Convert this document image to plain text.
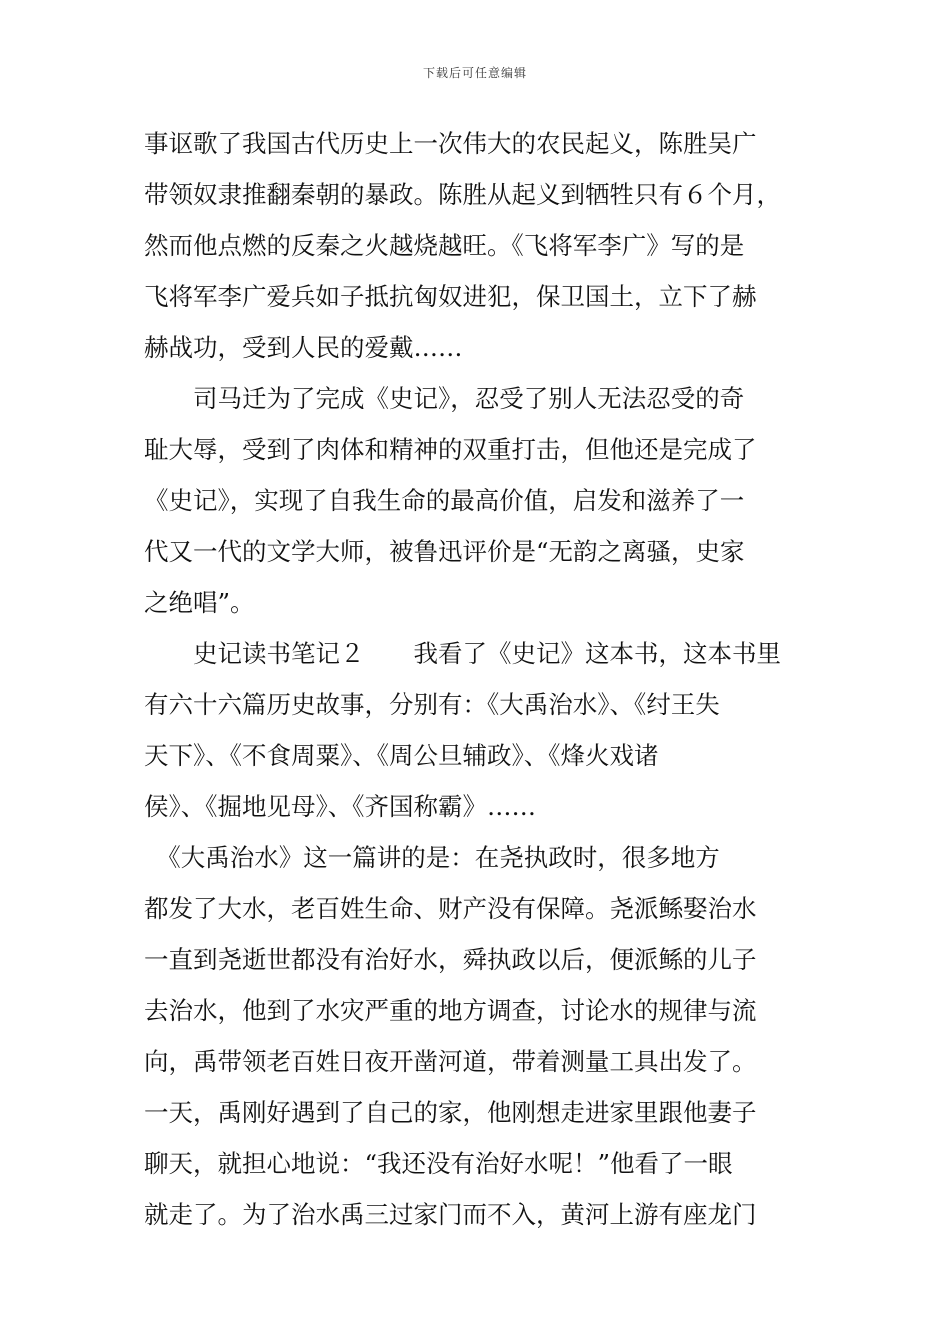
下载后可任意编辑
事讴歌了我国古代历史上一次伟大的农民起义，陈胜吴广
带领奴隶推翻秦朝的暴政。陈胜从起义到牺牲只有６个月，
然而他点燃的反秦之火越烧越旺。《飞将军李广》写的是
飞将军李广爱兵如子抵抗匈奴进犯，保卫国土，立下了赫
赫战功，受到人民的爱戴……
　　司马迁为了完成《史记》，忍受了别人无法忍受的奇
耻大辱，受到了肉体和精神的双重打击，但他还是完成了
《史记》，实现了自我生命的最高价值，启发和滋养了一
代又一代的文学大师，被鲁迅评价是“无韵之离骚，史家
之绝唱”。
　　史记读书笔记２　　我看了《史记》这本书，这本书里
有六十六篇历史故事，分别有：《大禹治水》、《纣王失
天下》、《不食周粟》、《周公旦辅政》、《烽火戏诸
侯》、《掘地见母》、《齐国称霸》……
　《大禹治水》这一篇讲的是：在尧执政时，很多地方
都发了大水，老百姓生命、财产没有保障。尧派鲧娶治水
一直到尧逝世都没有治好水，舜执政以后，便派鲧的儿子
去治水，他到了水灾严重的地方调查，讨论水的规律与流
向，禹带领老百姓日夜开凿河道，带着测量工具出发了。
一天，禹刚好遇到了自己的家，他刚想走进家里跟他妻子
聊天，就担心地说：“我还没有治好水呢！”他看了一眼
就走了。为了治水禹三过家门而不入，黄河上游有座龙门
